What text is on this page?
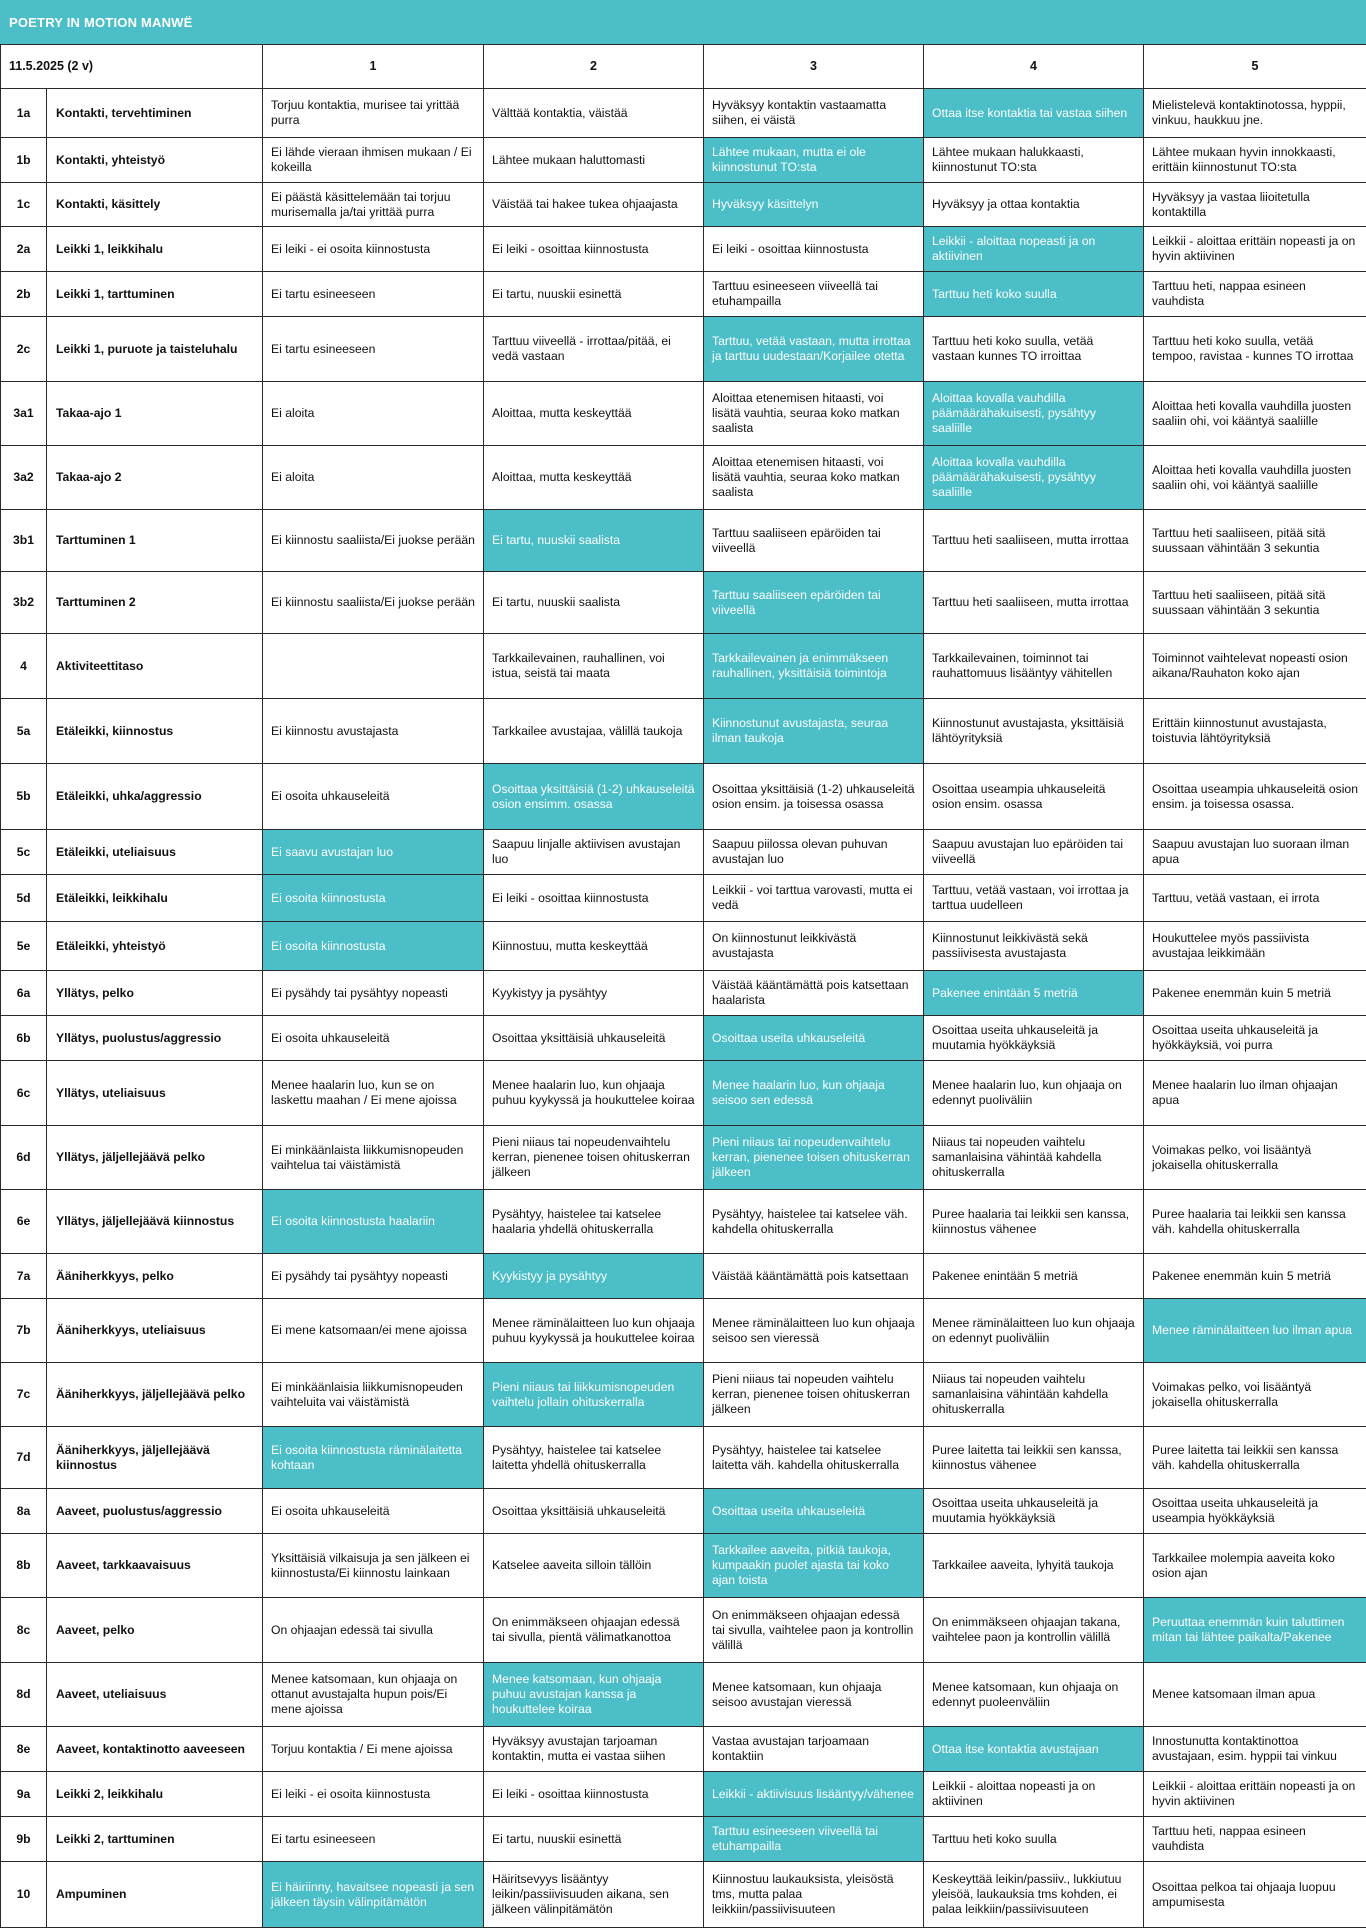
POETRY IN MOTION MANWË
11.5.2025 (2 v)		1	2	3	4	5
1a	Kontakti, tervehtiminen	Torjuu kontaktia, murisee tai yrittää purra	Välttää kontaktia, väistää	Hyväksyy kontaktin vastaamatta siihen, ei väistä	Ottaa itse kontaktia tai vastaa siihen	Mielistelevä kontaktinotossa, hyppii, vinkuu, haukkuu jne.
1b	Kontakti, yhteistyö	Ei lähde vieraan ihmisen mukaan / Ei kokeilla	Lähtee mukaan haluttomasti	Lähtee mukaan, mutta ei ole kiinnostunut TO:sta	Lähtee mukaan halukkaasti, kiinnostunut TO:sta	Lähtee mukaan hyvin innokkaasti, erittäin kiinnostunut TO:sta
1c	Kontakti, käsittely	Ei päästä käsittelemään tai torjuu murisemalla ja/tai yrittää purra	Väistää tai hakee tukea ohjaajasta	Hyväksyy käsittelyn	Hyväksyy ja ottaa kontaktia	Hyväksyy ja vastaa liioitetulla kontaktilla
2a	Leikki 1, leikkihalu	Ei leiki - ei osoita kiinnostusta	Ei leiki - osoittaa kiinnostusta	Ei leiki - osoittaa kiinnostusta	Leikkii - aloittaa nopeasti ja on aktiivinen	Leikkii - aloittaa erittäin nopeasti ja on hyvin aktiivinen
2b	Leikki 1, tarttuminen	Ei tartu esineeseen	Ei tartu, nuuskii esinettä	Tarttuu esineeseen viiveellä tai etuhampailla	Tarttuu heti koko suulla	Tarttuu heti, nappaa esineen vauhdista
2c	Leikki 1, puruote ja taisteluhalu	Ei tartu esineeseen	Tarttuu viiveellä - irrottaa/pitää, ei vedä vastaan	Tarttuu, vetää vastaan, mutta irrottaa ja tarttuu uudestaan/Korjailee otetta	Tarttuu heti koko suulla, vetää vastaan kunnes TO irroittaa	Tarttuu heti koko suulla, vetää tempoo, ravistaa - kunnes TO irrottaa
3a1	Takaa-ajo 1	Ei aloita	Aloittaa, mutta keskeyttää	Aloittaa etenemisen hitaasti, voi lisätä vauhtia, seuraa koko matkan saalista	Aloittaa kovalla vauhdilla päämäärähakuisesti, pysähtyy saaliille	Aloittaa heti kovalla vauhdilla juosten saaliin ohi, voi kääntyä saaliille
3a2	Takaa-ajo 2	Ei aloita	Aloittaa, mutta keskeyttää	Aloittaa etenemisen hitaasti, voi lisätä vauhtia, seuraa koko matkan saalista	Aloittaa kovalla vauhdilla päämäärähakuisesti, pysähtyy saaliille	Aloittaa heti kovalla vauhdilla juosten saaliin ohi, voi kääntyä saaliille
3b1	Tarttuminen 1	Ei kiinnostu saaliista/Ei juokse perään	Ei tartu, nuuskii saalista	Tarttuu saaliiseen epäröiden tai viiveellä	Tarttuu heti saaliiseen, mutta irrottaa	Tarttuu heti saaliiseen, pitää sitä suussaan vähintään 3 sekuntia
3b2	Tarttuminen 2	Ei kiinnostu saaliista/Ei juokse perään	Ei tartu, nuuskii saalista	Tarttuu saaliiseen epäröiden tai viiveellä	Tarttuu heti saaliiseen, mutta irrottaa	Tarttuu heti saaliiseen, pitää sitä suussaan vähintään 3 sekuntia
4	Aktiviteettitaso		Tarkkailevainen, rauhallinen, voi istua, seistä tai maata	Tarkkailevainen ja enimmäkseen rauhallinen, yksittäisiä toimintoja	Tarkkailevainen, toiminnot tai rauhattomuus lisääntyy vähitellen	Toiminnot vaihtelevat nopeasti osion aikana/Rauhaton koko ajan
5a	Etäleikki, kiinnostus	Ei kiinnostu avustajasta	Tarkkailee avustajaa, välillä taukoja	Kiinnostunut avustajasta, seuraa ilman taukoja	Kiinnostunut avustajasta, yksittäisiä lähtöyrityksiä	Erittäin kiinnostunut avustajasta, toistuvia lähtöyrityksiä
5b	Etäleikki, uhka/aggressio	Ei osoita uhkauseleitä	Osoittaa yksittäisiä (1-2) uhkauseleitä osion ensimm. osassa	Osoittaa yksittäisiä (1-2) uhkauseleitä osion ensim. ja toisessa osassa	Osoittaa useampia uhkauseleitä osion ensim. osassa	Osoittaa useampia uhkauseleitä osion ensim. ja toisessa osassa.
5c	Etäleikki, uteliaisuus	Ei saavu avustajan luo	Saapuu linjalle aktiivisen avustajan luo	Saapuu piilossa olevan puhuvan avustajan luo	Saapuu avustajan luo epäröiden tai viiveellä	Saapuu avustajan luo suoraan ilman apua
5d	Etäleikki, leikkihalu	Ei osoita kiinnostusta	Ei leiki - osoittaa kiinnostusta	Leikkii - voi tarttua varovasti, mutta ei vedä	Tarttuu, vetää vastaan, voi irrottaa ja tarttua uudelleen	Tarttuu, vetää vastaan, ei irrota
5e	Etäleikki, yhteistyö	Ei osoita kiinnostusta	Kiinnostuu, mutta keskeyttää	On kiinnostunut leikkivästä avustajasta	Kiinnostunut leikkivästä sekä passiivisesta avustajasta	Houkuttelee myös passiivista avustajaa leikkimään
6a	Yllätys, pelko	Ei pysähdy tai pysähtyy nopeasti	Kyykistyy ja pysähtyy	Väistää kääntämättä pois katsettaan haalarista	Pakenee enintään 5 metriä	Pakenee enemmän kuin 5 metriä
6b	Yllätys, puolustus/aggressio	Ei osoita uhkauseleitä	Osoittaa yksittäisiä uhkauseleitä	Osoittaa useita uhkauseleitä	Osoittaa useita uhkauseleitä ja muutamia hyökkäyksiä	Osoittaa useita uhkauseleitä ja hyökkäyksiä, voi purra
6c	Yllätys, uteliaisuus	Menee haalarin luo, kun se on laskettu maahan / Ei mene ajoissa	Menee haalarin luo, kun ohjaaja puhuu kyykyssä ja houkuttelee koiraa	Menee haalarin luo, kun ohjaaja seisoo sen edessä	Menee haalarin luo, kun ohjaaja on edennyt puoliväliin	Menee haalarin luo ilman ohjaajan apua
6d	Yllätys, jäljellejäävä pelko	Ei minkäänlaista liikkumisnopeuden vaihtelua tai väistämistä	Pieni niiaus tai nopeudenvaihtelu kerran, pienenee toisen ohituskerran jälkeen	Pieni niiaus tai nopeudenvaihtelu kerran, pienenee toisen ohituskerran jälkeen	Niiaus tai nopeuden vaihtelu samanlaisina vähintää kahdella ohituskerralla	Voimakas pelko, voi lisääntyä jokaisella ohituskerralla
6e	Yllätys, jäljellejäävä kiinnostus	Ei osoita kiinnostusta haalariin	Pysähtyy, haistelee tai katselee haalaria yhdellä ohituskerralla	Pysähtyy, haistelee tai katselee väh. kahdella ohituskerralla	Puree haalaria tai leikkii sen kanssa, kiinnostus vähenee	Puree haalaria tai leikkii sen kanssa väh. kahdella ohituskerralla
7a	Ääniherkkyys, pelko	Ei pysähdy tai pysähtyy nopeasti	Kyykistyy ja pysähtyy	Väistää kääntämättä pois katsettaan	Pakenee enintään 5 metriä	Pakenee enemmän kuin 5 metriä
7b	Ääniherkkyys, uteliaisuus	Ei mene katsomaan/ei mene ajoissa	Menee räminälaitteen luo kun ohjaaja puhuu kyykyssä ja houkuttelee koiraa	Menee räminälaitteen luo kun ohjaaja seisoo sen vieressä	Menee räminälaitteen luo kun ohjaaja on edennyt puoliväliin	Menee räminälaitteen luo ilman apua
7c	Ääniherkkyys, jäljellejäävä pelko	Ei minkäänlaisia liikkumisnopeuden vaihteluita vai väistämistä	Pieni niiaus tai liikkumisnopeuden vaihtelu jollain ohituskerralla	Pieni niiaus tai nopeuden vaihtelu kerran, pienenee toisen ohituskerran jälkeen	Niiaus tai nopeuden vaihtelu samanlaisina vähintään kahdella ohituskerralla	Voimakas pelko, voi lisääntyä jokaisella ohituskerralla
7d	Ääniherkkyys, jäljellejäävä kiinnostus	Ei osoita kiinnostusta räminälaitetta kohtaan	Pysähtyy, haistelee tai katselee laitetta yhdellä ohituskerralla	Pysähtyy, haistelee tai katselee laitetta väh. kahdella ohituskerralla	Puree laitetta tai leikkii sen kanssa, kiinnostus vähenee	Puree laitetta tai leikkii sen kanssa väh. kahdella ohituskerralla
8a	Aaveet, puolustus/aggressio	Ei osoita uhkauseleitä	Osoittaa yksittäisiä uhkauseleitä	Osoittaa useita uhkauseleitä	Osoittaa useita uhkauseleitä ja muutamia hyökkäyksiä	Osoittaa useita uhkauseleitä ja useampia hyökkäyksiä
8b	Aaveet, tarkkaavaisuus	Yksittäisiä vilkaisuja ja sen jälkeen ei kiinnostusta/Ei kiinnostu lainkaan	Katselee aaveita silloin tällöin	Tarkkailee aaveita, pitkiä taukoja, kumpaakin puolet ajasta tai koko ajan toista	Tarkkailee aaveita, lyhyitä taukoja	Tarkkailee molempia aaveita koko osion ajan
8c	Aaveet, pelko	On ohjaajan edessä tai sivulla	On enimmäkseen ohjaajan edessä tai sivulla, pientä välimatkanottoa	On enimmäkseen ohjaajan edessä tai sivulla, vaihtelee paon ja kontrollin välillä	On enimmäkseen ohjaajan takana, vaihtelee paon ja kontrollin välillä	Peruuttaa enemmän kuin taluttimen mitan tai lähtee paikalta/Pakenee
8d	Aaveet, uteliaisuus	Menee katsomaan, kun ohjaaja on ottanut avustajalta hupun pois/Ei mene ajoissa	Menee katsomaan, kun ohjaaja puhuu avustajan kanssa ja houkuttelee koiraa	Menee katsomaan, kun ohjaaja seisoo avustajan vieressä	Menee katsomaan, kun ohjaaja on edennyt puoleenväliin	Menee katsomaan ilman apua
8e	Aaveet, kontaktinotto aaveeseen	Torjuu kontaktia / Ei mene ajoissa	Hyväksyy avustajan tarjoaman kontaktin, mutta ei vastaa siihen	Vastaa avustajan tarjoamaan kontaktiin	Ottaa itse kontaktia avustajaan	Innostunutta kontaktinottoa avustajaan, esim. hyppii tai vinkuu
9a	Leikki 2, leikkihalu	Ei leiki - ei osoita kiinnostusta	Ei leiki - osoittaa kiinnostusta	Leikkii - aktiivisuus lisääntyy/vähenee	Leikkii - aloittaa nopeasti ja on aktiivinen	Leikkii - aloittaa erittäin nopeasti ja on hyvin aktiivinen
9b	Leikki 2, tarttuminen	Ei tartu esineeseen	Ei tartu, nuuskii esinettä	Tarttuu esineeseen viiveellä tai etuhampailla	Tarttuu heti koko suulla	Tarttuu heti, nappaa esineen vauhdista
10	Ampuminen	Ei häiriinny, havaitsee nopeasti ja sen jälkeen täysin välinpitämätön	Häiritsevyys lisääntyy leikin/passiivisuuden aikana, sen jälkeen välinpitämätön	Kiinnostuu laukauksista, yleisöstä tms, mutta palaa leikkiin/passiivisuuteen	Keskeyttää leikin/passiiv., lukkiutuu yleisöä, laukauksia tms kohden, ei palaa leikkiin/passiivisuuteen	Osoittaa pelkoa tai ohjaaja luopuu ampumisesta
